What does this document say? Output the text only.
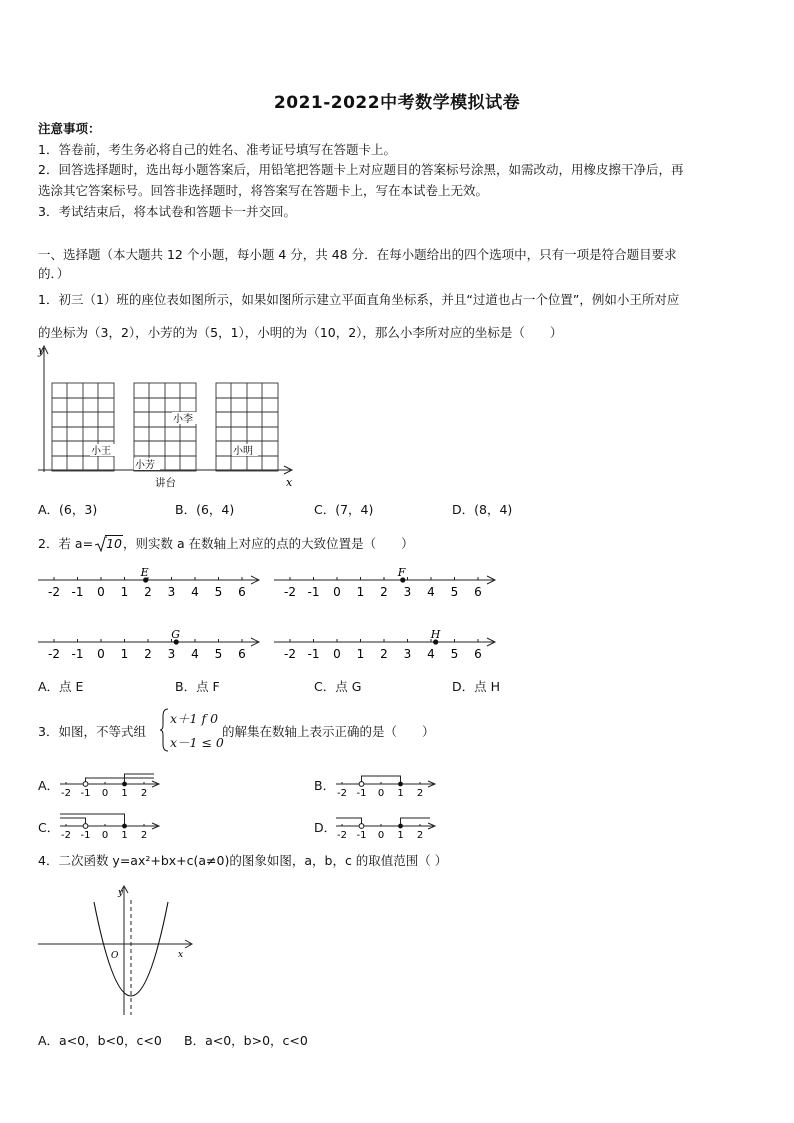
2021-2022中考数学模拟试卷
注意事项：
1．答卷前，考生务必将自己的姓名、准考证号填写在答题卡上。
2．回答选择题时，选出每小题答案后，用铅笔把答题卡上对应题目的答案标号涂黑，如需改动，用橡皮擦干净后，再
选涂其它答案标号。回答非选择题时，将答案写在答题卡上，写在本试卷上无效。
3．考试结束后，将本试卷和答题卡一并交回。
一、选择题（本大题共 12 个小题，每小题 4 分，共 48 分．在每小题给出的四个选项中，只有一项是符合题目要求
的．）
1．初三（1）班的座位表如图所示，如果如图所示建立平面直角坐标系，并且“过道也占一个位置”，例如小王所对应
的坐标为（3，2），小芳的为（5，1），小明的为（10，2），那么小李所对应的坐标是（　　）
y
x
小李
小王
小芳
小明
讲台
A．(6，3)	B．(6，4)	C．(7，4)	D．(8，4)
2．若 a= 10，则实数 a 在数轴上对应的点的大致位置是（　　）
-2 -1 0 1 2 3 4 5 6
E
-2 -1 0 1 2 3 4 5 6
F
-2 -1 0 1 2 3 4 5 6
G
-2 -1 0 1 2 3 4 5 6
H
A．点 E	B．点 F	C．点 G	D．点 H
3．如图，不等式组
x＋1 f 0
x－1 ≤ 0
的解集在数轴上表示正确的是（　　）
A．	B．
C．	D．
-2 -1 0 1 2	-2 -1 0 1 2
-2 -1 0 1 2	-2 -1 0 1 2
4．二次函数 y=ax²+bx+c(a≠0)的图象如图，a，b，c 的取值范围（ ）
y
x
O
A．a<0，b<0，c<0 B．a<0，b>0，c<0
